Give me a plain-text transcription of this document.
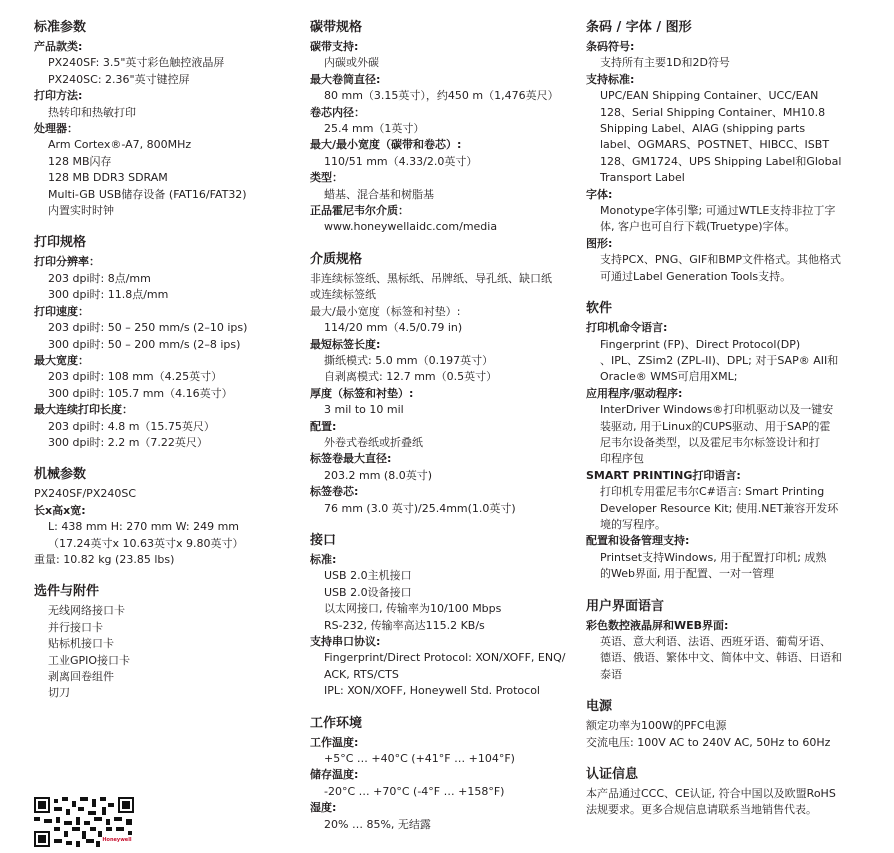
标准参数
产品款类:
PX240SF: 3.5"英寸彩色触控液晶屏
PX240SC: 2.36"英寸键控屏
打印方法:
热转印和热敏打印
处理器：
Arm Cortex®-A7, 800MHz
128 MB闪存
128 MB DDR3 SDRAM
Multi-GB USB储存设备 (FAT16/FAT32)
内置实时时钟
打印规格
打印分辨率：
203 dpi时: 8点/mm
300 dpi时: 11.8点/mm
打印速度：
203 dpi时: 50 – 250 mm/s (2–10 ips)
300 dpi时: 50 – 200 mm/s (2–8 ips)
最大宽度：
203 dpi时: 108 mm（4.25英寸）
300 dpi时: 105.7 mm（4.16英寸）
最大连续打印长度：
203 dpi时: 4.8 m（15.75英尺）
300 dpi时: 2.2 m（7.22英尺）
机械参数
PX240SF/PX240SC
长x高x宽:
L: 438 mm H: 270 mm W: 249 mm
（17.24英寸x 10.63英寸x 9.80英寸）
重量: 10.82 kg (23.85 lbs)
选件与附件
无线网络接口卡
并行接口卡
贴标机接口卡
工业GPIO接口卡
剥离回卷组件
切刀
Honeywell
碳带规格
碳带支持:
内碳或外碳
最大卷筒直径:
80 mm（3.15英寸），约450 m（1,476英尺）
卷芯内径：
25.4 mm（1英寸）
最大/最小宽度（碳带和卷芯）:
110/51 mm（4.33/2.0英寸）
类型：
蜡基、混合基和树脂基
正品霍尼韦尔介质：
www.honeywellaidc.com/media
介质规格
非连续标签纸、黑标纸、吊牌纸、导孔纸、缺口纸
或连续标签纸
最大/最小宽度（标签和衬垫）:
114/20 mm（4.5/0.79 in)
最短标签长度:
撕纸模式: 5.0 mm（0.197英寸）
自剥离模式: 12.7 mm（0.5英寸）
厚度（标签和衬垫）:
3 mil to 10 mil
配置:
外卷式卷纸或折叠纸
标签卷最大直径:
203.2 mm (8.0英寸)
标签卷芯:
76 mm (3.0 英寸)/25.4mm(1.0英寸)
接口
标准:
USB 2.0主机接口
USB 2.0设备接口
以太网接口, 传输率为10/100 Mbps
RS-232, 传输率高达115.2 KB/s
支持串口协议:
Fingerprint/Direct Protocol: XON/XOFF, ENQ/
ACK, RTS/CTS
IPL: XON/XOFF, Honeywell Std. Protocol
工作环境
工作温度:
+5°C … +40°C (+41°F … +104°F)
储存温度:
-20°C … +70°C (-4°F … +158°F)
湿度:
20% … 85%, 无结露
条码 / 字体 / 图形
条码符号:
支持所有主要1D和2D符号
支持标准:
UPC/EAN Shipping Container、UCC/EAN
128、Serial Shipping Container、MH10.8
Shipping Label、AIAG (shipping parts
label、OGMARS、POSTNET、HIBCC、ISBT
128、GM1724、UPS Shipping Label和Global
Transport Label
字体:
Monotype字体引擎; 可通过WTLE支持非拉丁字
体, 客户也可自行下载(Truetype)字体。
图形:
支持PCX、PNG、GIF和BMP文件格式。其他格式
可通过Label Generation Tools支持。
软件
打印机命令语言:
Fingerprint (FP)、Direct Protocol(DP)
、IPL、ZSim2 (ZPL-II)、DPL; 对于SAP® AII和
Oracle® WMS可启用XML;
应用程序/驱动程序:
InterDriver Windows®打印机驱动以及一键安
装驱动, 用于Linux的CUPS驱动、用于SAP的霍
尼韦尔设备类型，以及霍尼韦尔标签设计和打
印程序包
SMART PRINTING打印语言:
打印机专用霍尼韦尔C#语言: Smart Printing
Developer Resource Kit; 使用.NET兼容开发环
境的写程序。
配置和设备管理支持:
Printset支持Windows, 用于配置打印机; 成熟
的Web界面, 用于配置、一对一管理
用户界面语言
彩色数控液晶屏和WEB界面:
英语、意大利语、法语、西班牙语、葡萄牙语、
德语、俄语、繁体中文、简体中文、韩语、日语和
泰语
电源
额定功率为100W的PFC电源
交流电压: 100V AC to 240V AC, 50Hz to 60Hz
认证信息
本产品通过CCC、CE认证, 符合中国以及欧盟RoHS
法规要求。更多合规信息请联系当地销售代表。
